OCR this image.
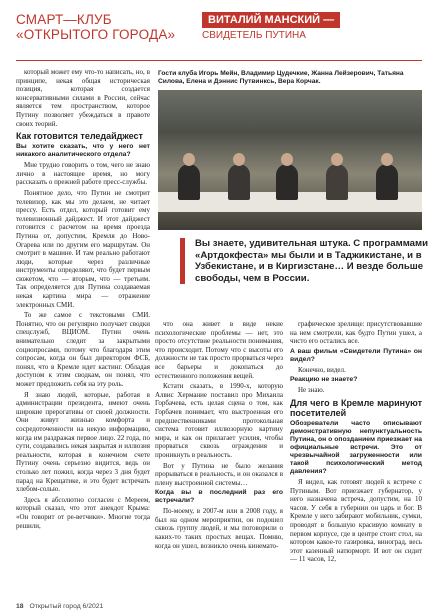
СМАРТ—КЛУБ
«ОТКРЫТОГО ГОРОДА»
ВИТАЛИЙ МАНСКИЙ —
СВИДЕТЕЛЬ ПУТИНА
Гости клуба Игорь Мейн, Владимир Цудечкие, Жанна Лейзерович, Татьяна Силова, Елена и Дэннис Путвинксь, Вера Корчак.
Вы знаете, удивительная штука. С программами «Артдокфеста» мы были и в Таджикистане, и в Узбекистане, и в Киргизстане… И везде больше свободы, чем в России.

который может ему что-то написать, но, в принципе, некая общая историческая позиция, которая создается консервативными силами в России, сейчас является тем пространством, которое Путину позволяет убеждаться в правоте своих теорий.

Как готовится теледайджест

Вы хотите сказать, что у него нет никакого аналитического отдела?

Мне трудно говорить о том, чего не знаю лично в настоящее время, но могу рассказать о прежней работе пресс-службы.

Понятное дело, что Путин не смотрит телевизор, как мы это делаем, не читает прессу. Есть отдел, который готовит ему телевизионный дайджест. И этот дайджест готовится с расчетом на время проезда Путина от, допустим, Кремля до Ново-Огарева или по другим его маршрутам. Он смотрит в машине. И там реально работают люди, которые через различные инструменты определяют, что будет первым сюжетом, что — вторым, что — третьим. Так определяется для Путина создаваемая некая картина мира — отражение электронных СМИ.

То же самое с текстовыми СМИ. Понятно, что он регулярно получает сводки спецслужб, ВЦИОМ. Путин очень внимательно следит за закрытыми социопросами, потому что благодаря этим сопросам, когда он был директором ФСБ, понял, что в Кремле идет кастинг. Обладая доступом к этим сводкам, он понял, что может предложить себя на эту роль.

Я знаю людей, которые, работая в администрации президента, имеют очень широкие прерогативы от своей должности. Они живут жизнью комфорта и сосредоточенности на некую информацию, когда им раздражая первое лицо. 22 года, по сути, создавались некая закрытая и иллюзия реальности, которая в конечном счете Путину очень серьезно видится, ведь он столько лет пожил, когда через 3 дня будет парад на Крещатике, и это будет встречать хлебом-солью.

Здесь я абсолютно согласен с Мереем, который сказал, что этот анекдот Крыма: «Он говорит от ре-ветчики». Многие тогда решили,

что она живет в виде некие психологические проблемы — нет, это просто отсутствие реальности понимания, что происходит. Потому что с высоты его должности не так просто прорваться через все барьеры и докопаться до естественного положения вещей.

Кстати сказать, в 1990-х, которую Алвис Хермание поставил про Михаила Горбачева, есть целая сцена о том, как Горбачев понимает, что выстроенная его предшественниками протокольная система готовит иллюзорную картину мира, и как он прилагает усилия, чтобы прорваться сквозь ограждения и проникнуть в реальность.

Вот у Путина не было желания прорываться в реальность, и он оказался в плену выстроенной системы…

Когда вы в последний раз его встречали?

По-моему, в 2007-м или в 2008 году, я был на одном мероприятии, он подошел сквозь группу людей, и мы поговорили о каких-то таких простых вещах. Помню, когда он ушел, возникло очень кинемато-

графическое зрелище: присутствовавшие на нем смотрели, как будто Путин ушел, а чисто его остались все.

А ваш фильм «Свидетели Путина» он видел?

Конечно, видел.

Реакцию не знаете?

Не знаю.

Для чего в Кремле маринуют посетителей

Обозреватели часто описывают демонстративную непунктуальность Путина, он о опозданием приезжает на официальные встречи. Это от чрезвычайной загруженности или такой психологический метод давления?

Я видел, как готовят людей к встрече с Путиным. Вот приезжает губернатор, у него назначена встреча, допустим, на 10 часов. У себя в губернии он царь и бог. В Кремле у него забирают мобильник, сумки, проводят в большую красивую комнату в первом корпусе, где в центре стоит стол, на котором какое-то газировка, виноград, весь этот казенный натюрморт. И вот он сидит — 11 часов, 12,

18 Открытый город 6/2021
